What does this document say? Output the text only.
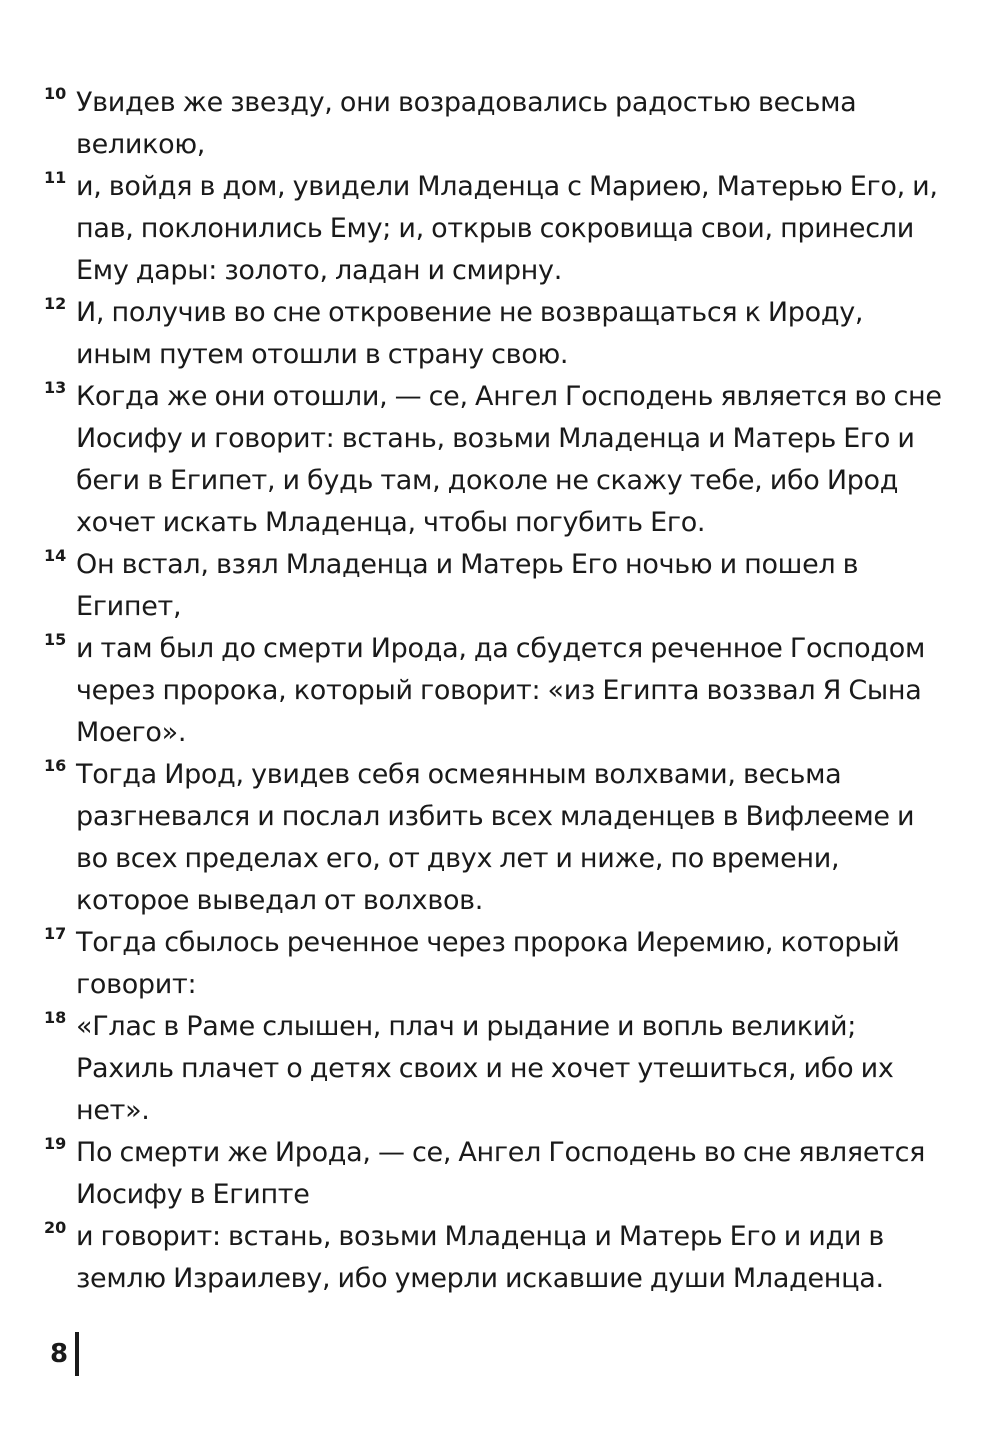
10 Увидев же звезду, они возрадовались радостью весьма великою,
11 и, войдя в дом, увидели Младенца с Мариею, Матерью Его, и, пав, поклонились Ему; и, открыв сокровища свои, принесли Ему дары: золото, ладан и смирну.
12 И, получив во сне откровение не возвращаться к Ироду, иным путем отошли в страну свою.
13 Когда же они отошли, — се, Ангел Господень является во сне Иосифу и говорит: встань, возьми Младенца и Матерь Его и беги в Египет, и будь там, доколе не скажу тебе, ибо Ирод хочет искать Младенца, чтобы погубить Его.
14 Он встал, взял Младенца и Матерь Его ночью и пошел в Египет,
15 и там был до смерти Ирода, да сбудется реченное Господом через пророка, который говорит: «из Египта воззвал Я Сына Моего».
16 Тогда Ирод, увидев себя осмеянным волхвами, весьма разгневался и послал избить всех младенцев в Вифлееме и во всех пределах его, от двух лет и ниже, по времени, которое выведал от волхвов.
17 Тогда сбылось реченное через пророка Иеремию, который говорит:
18 «Глас в Раме слышен, плач и рыдание и вопль великий; Рахиль плачет о детях своих и не хочет утешиться, ибо их нет».
19 По смерти же Ирода, — се, Ангел Господень во сне является Иосифу в Египте
20 и говорит: встань, возьми Младенца и Матерь Его и иди в землю Израилеву, ибо умерли искавшие души Младенца.
8
